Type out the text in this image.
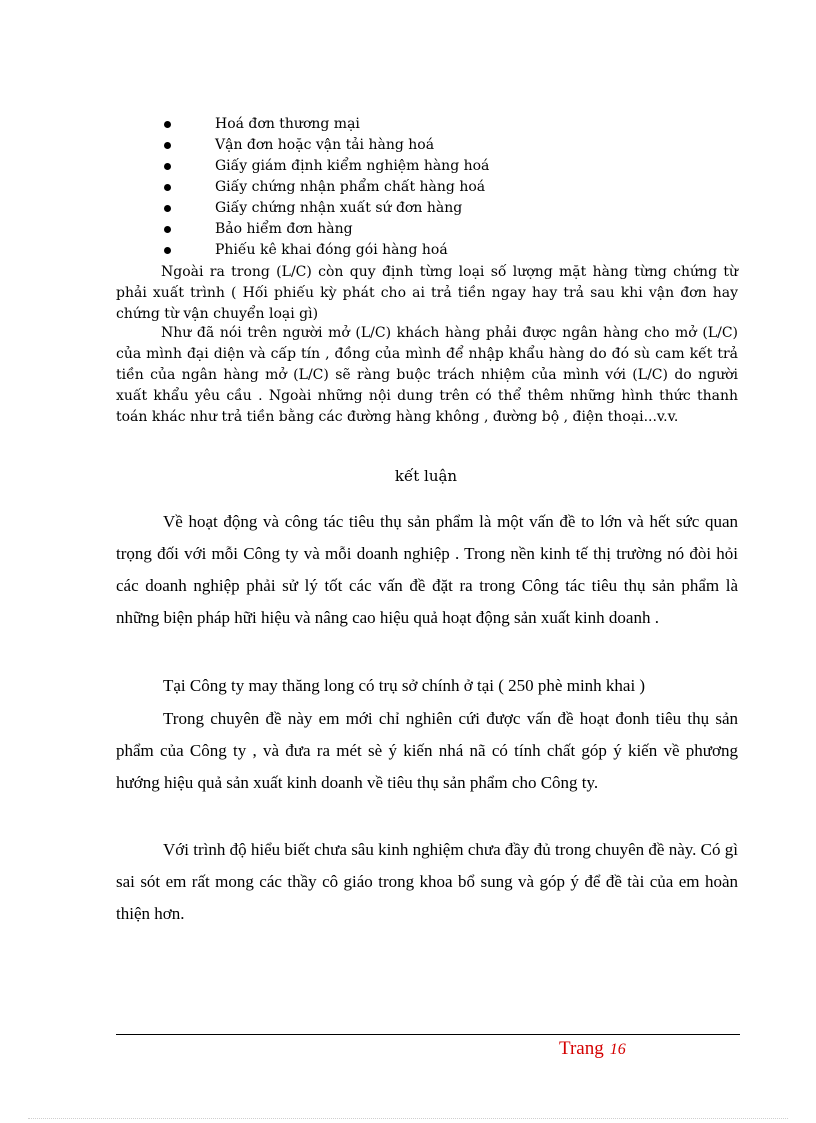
Hoá đơn thương mại
Vận đơn hoặc vận tải hàng hoá
Giấy giám định kiểm nghiệm hàng hoá
Giấy chứng nhận phẩm chất hàng hoá
Giấy chứng nhận xuất sứ đơn hàng
Bảo hiểm đơn hàng
Phiếu kê khai đóng gói hàng hoá

Ngoài ra trong (L/C) còn quy định từng loại số lượng mặt hàng từng chứng từ phải xuất trình ( Hối phiếu kỳ phát cho ai trả tiền ngay hay trả sau khi vận đơn hay chứng từ vận chuyển loại gì)

Như đã nói trên người mở (L/C) khách hàng phải được ngân hàng cho mở (L/C) của mình đại diện và cấp tín , đồng của mình để nhập khẩu hàng do đó sù cam kết trả tiền của ngân hàng mở (L/C) sẽ ràng buộc trách nhiệm của mình với (L/C) do người xuất khẩu yêu cầu . Ngoài những nội dung trên có thể thêm những hình thức thanh toán khác như trả tiền bằng các đường hàng không , đường bộ , điện thoại...v.v.

kết luận

Về hoạt động và công tác tiêu thụ sản phẩm là một vấn đề to lớn và hết sức quan trọng đối với mỗi Công ty và mỗi doanh nghiệp . Trong nền kinh tế thị trường nó đòi hỏi các doanh nghiệp phải sử lý tốt các vấn đề đặt ra trong Công tác tiêu thụ sản phẩm là những biện pháp hữi hiệu và nâng cao hiệu quả hoạt động sản xuất kinh doanh .

Tại Công ty may thăng long có trụ sở chính ở tại ( 250 phè minh khai )

Trong chuyên đề này em mới chỉ nghiên cứi được vấn đề hoạt đonh tiêu thụ sản phẩm của Công ty , và đưa ra mét sè ý kiến nhá nã có tính chất góp ý kiến về phương hướng hiệu quả sản xuất kinh doanh về tiêu thụ sản phẩm cho Công ty.

Với trình độ hiểu biết chưa sâu kinh nghiệm chưa đầy đủ trong chuyên đề này. Có gì sai sót em rất mong các thầy cô giáo trong khoa bổ sung và góp ý để đề tài của em hoàn thiện hơn.

Trang 16
